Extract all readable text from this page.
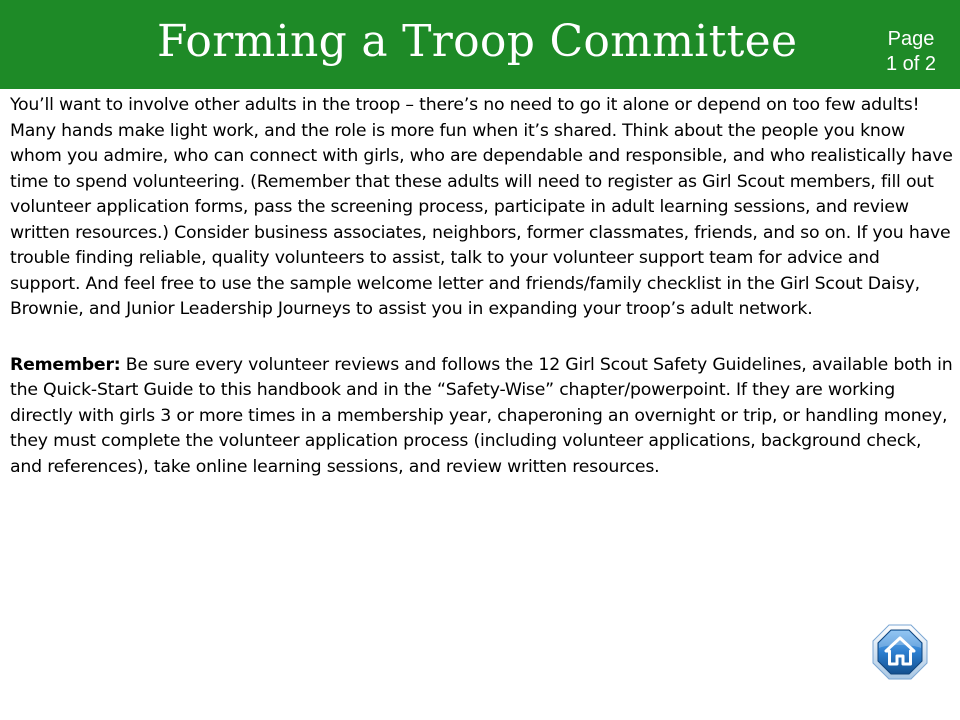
Forming a Troop Committee	Page
1 of 2

You’ll want to involve other adults in the troop – there’s no need to go it alone or depend on too few adults! Many hands make light work, and the role is more fun when it’s shared. Think about the people you know whom you admire, who can connect with girls, who are dependable and responsible, and who realistically have time to spend volunteering. (Remember that these adults will need to register as Girl Scout members, fill out volunteer application forms, pass the screening process, participate in adult learning sessions, and review written resources.) Consider business associates, neighbors, former classmates, friends, and so on. If you have trouble finding reliable, quality volunteers to assist, talk to your volunteer support team for advice and support. And feel free to use the sample welcome letter and friends/family checklist in the Girl Scout Daisy, Brownie, and Junior Leadership Journeys to assist you in expanding your troop’s adult network.

Remember: Be sure every volunteer reviews and follows the 12 Girl Scout Safety Guidelines, available both in the Quick-Start Guide to this handbook and in the “Safety-Wise” chapter/powerpoint. If they are working directly with girls 3 or more times in a membership year, chaperoning an overnight or trip, or handling money, they must complete the volunteer application process (including volunteer applications, background check, and references), take online learning sessions, and review written resources.
